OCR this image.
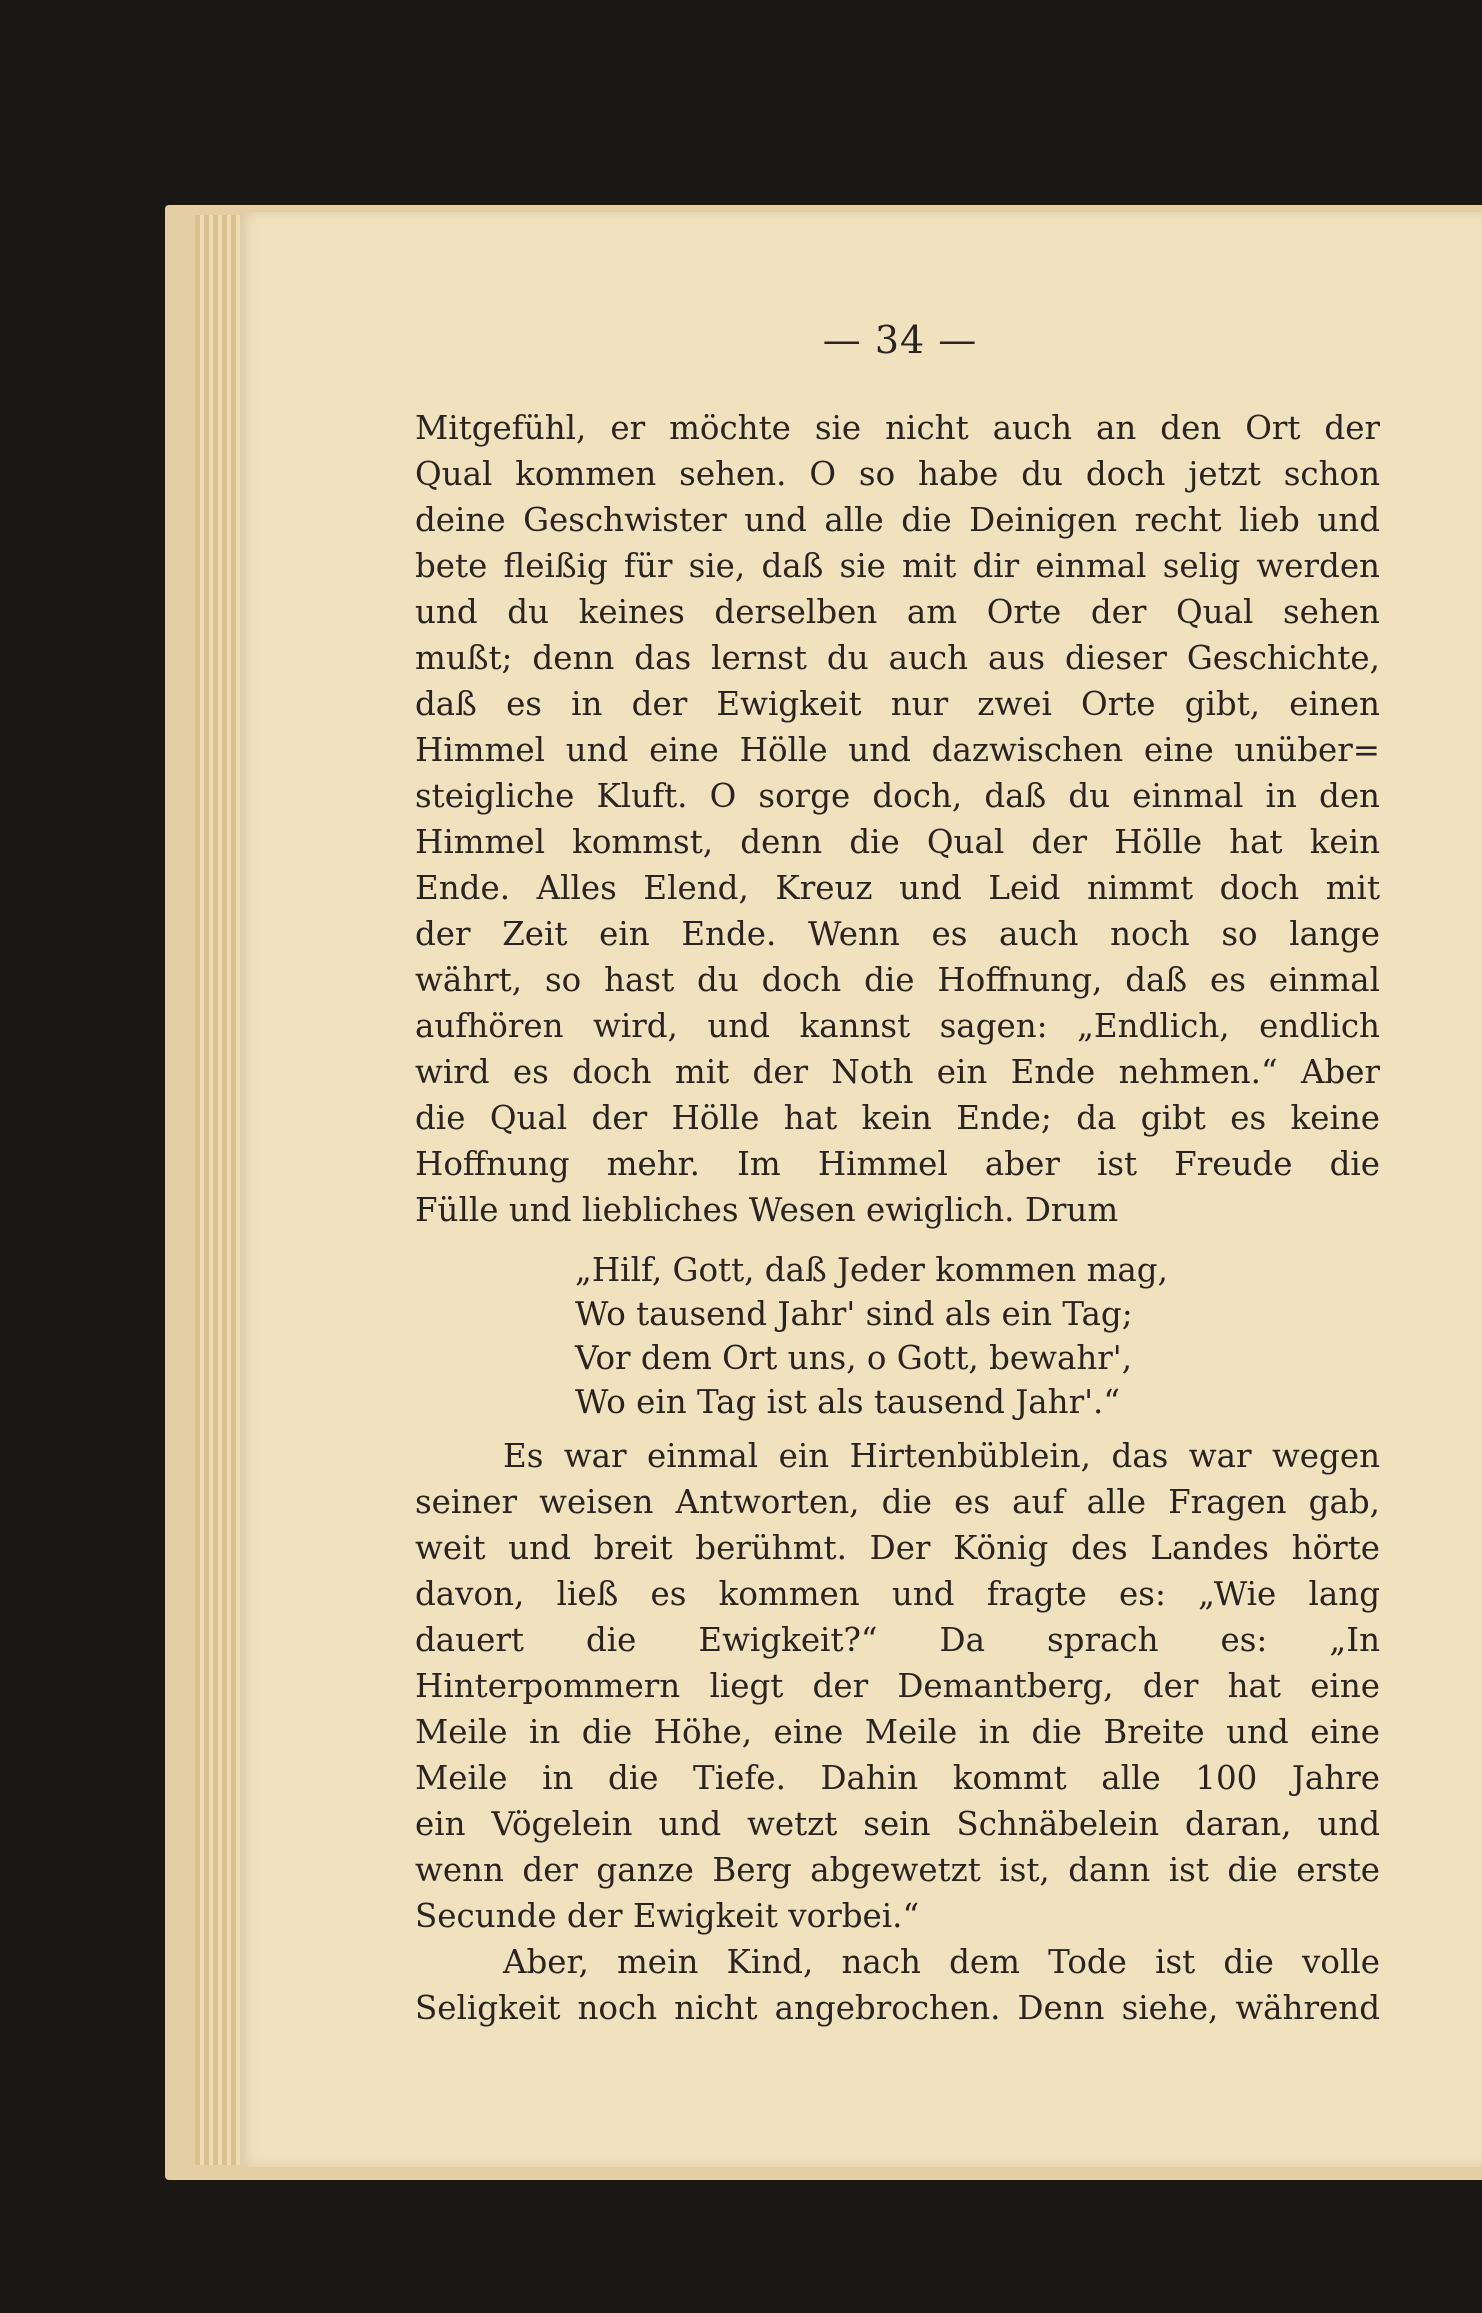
— 34 —
Mitgefühl, er möchte sie nicht auch an den Ort der
Qual kommen sehen. O so habe du doch jetzt schon
deine Geschwister und alle die Deinigen recht lieb und
bete fleißig für sie, daß sie mit dir einmal selig werden
und du keines derselben am Orte der Qual sehen
mußt; denn das lernst du auch aus dieser Geschichte,
daß es in der Ewigkeit nur zwei Orte gibt, einen
Himmel und eine Hölle und dazwischen eine unüber=
steigliche Kluft. O sorge doch, daß du einmal in den
Himmel kommst, denn die Qual der Hölle hat kein
Ende. Alles Elend, Kreuz und Leid nimmt doch mit
der Zeit ein Ende. Wenn es auch noch so lange
währt, so hast du doch die Hoffnung, daß es einmal
aufhören wird, und kannst sagen: „Endlich, endlich
wird es doch mit der Noth ein Ende nehmen.“ Aber
die Qual der Hölle hat kein Ende; da gibt es keine
Hoffnung mehr. Im Himmel aber ist Freude die
Fülle und liebliches Wesen ewiglich. Drum
„Hilf, Gott, daß Jeder kommen mag,
Wo tausend Jahr' sind als ein Tag;
Vor dem Ort uns, o Gott, bewahr',
Wo ein Tag ist als tausend Jahr'.“
Es war einmal ein Hirtenbüblein, das war wegen
seiner weisen Antworten, die es auf alle Fragen gab,
weit und breit berühmt. Der König des Landes hörte
davon, ließ es kommen und fragte es: „Wie lang
dauert die Ewigkeit?“ Da sprach es: „In
Hinterpommern liegt der Demantberg, der hat eine
Meile in die Höhe, eine Meile in die Breite und eine
Meile in die Tiefe. Dahin kommt alle 100 Jahre
ein Vögelein und wetzt sein Schnäbelein daran, und
wenn der ganze Berg abgewetzt ist, dann ist die erste
Secunde der Ewigkeit vorbei.“
Aber, mein Kind, nach dem Tode ist die volle
Seligkeit noch nicht angebrochen. Denn siehe, während
